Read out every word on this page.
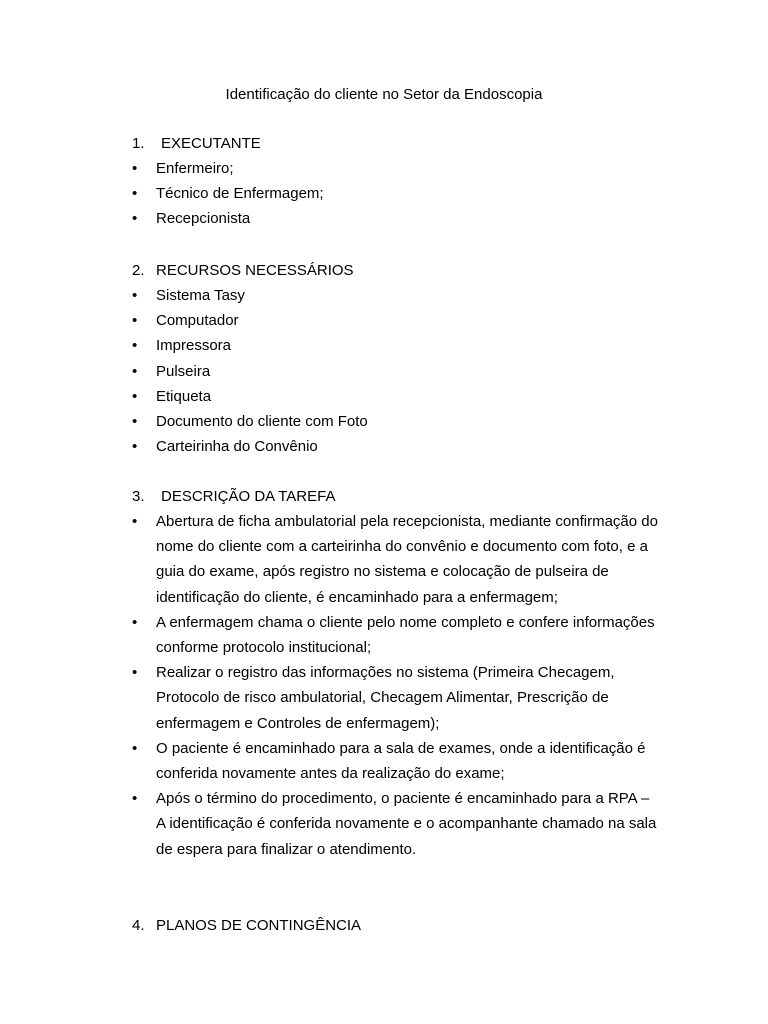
Identificação do cliente no Setor da Endoscopia
1. EXECUTANTE
• Enfermeiro;
• Técnico de Enfermagem;
• Recepcionista
2. RECURSOS NECESSÁRIOS
• Sistema Tasy
• Computador
• Impressora
• Pulseira
• Etiqueta
• Documento do cliente com Foto
• Carteirinha do Convênio
3. DESCRIÇÃO DA TAREFA
• Abertura de ficha ambulatorial pela recepcionista, mediante confirmação do nome do cliente com a carteirinha do convênio e documento com foto, e a guia do exame, após registro no sistema e colocação de pulseira de identificação do cliente, é encaminhado para a enfermagem;
• A enfermagem chama o cliente pelo nome completo e confere informações conforme protocolo institucional;
• Realizar o registro das informações no sistema (Primeira Checagem, Protocolo de risco ambulatorial, Checagem Alimentar, Prescrição de enfermagem e Controles de enfermagem);
• O paciente é encaminhado para a sala de exames, onde a identificação é conferida novamente antes da realização do exame;
• Após o término do procedimento, o paciente é encaminhado para a RPA – A identificação é conferida novamente e o acompanhante chamado na sala de espera para finalizar o atendimento.
4. PLANOS DE CONTINGÊNCIA
